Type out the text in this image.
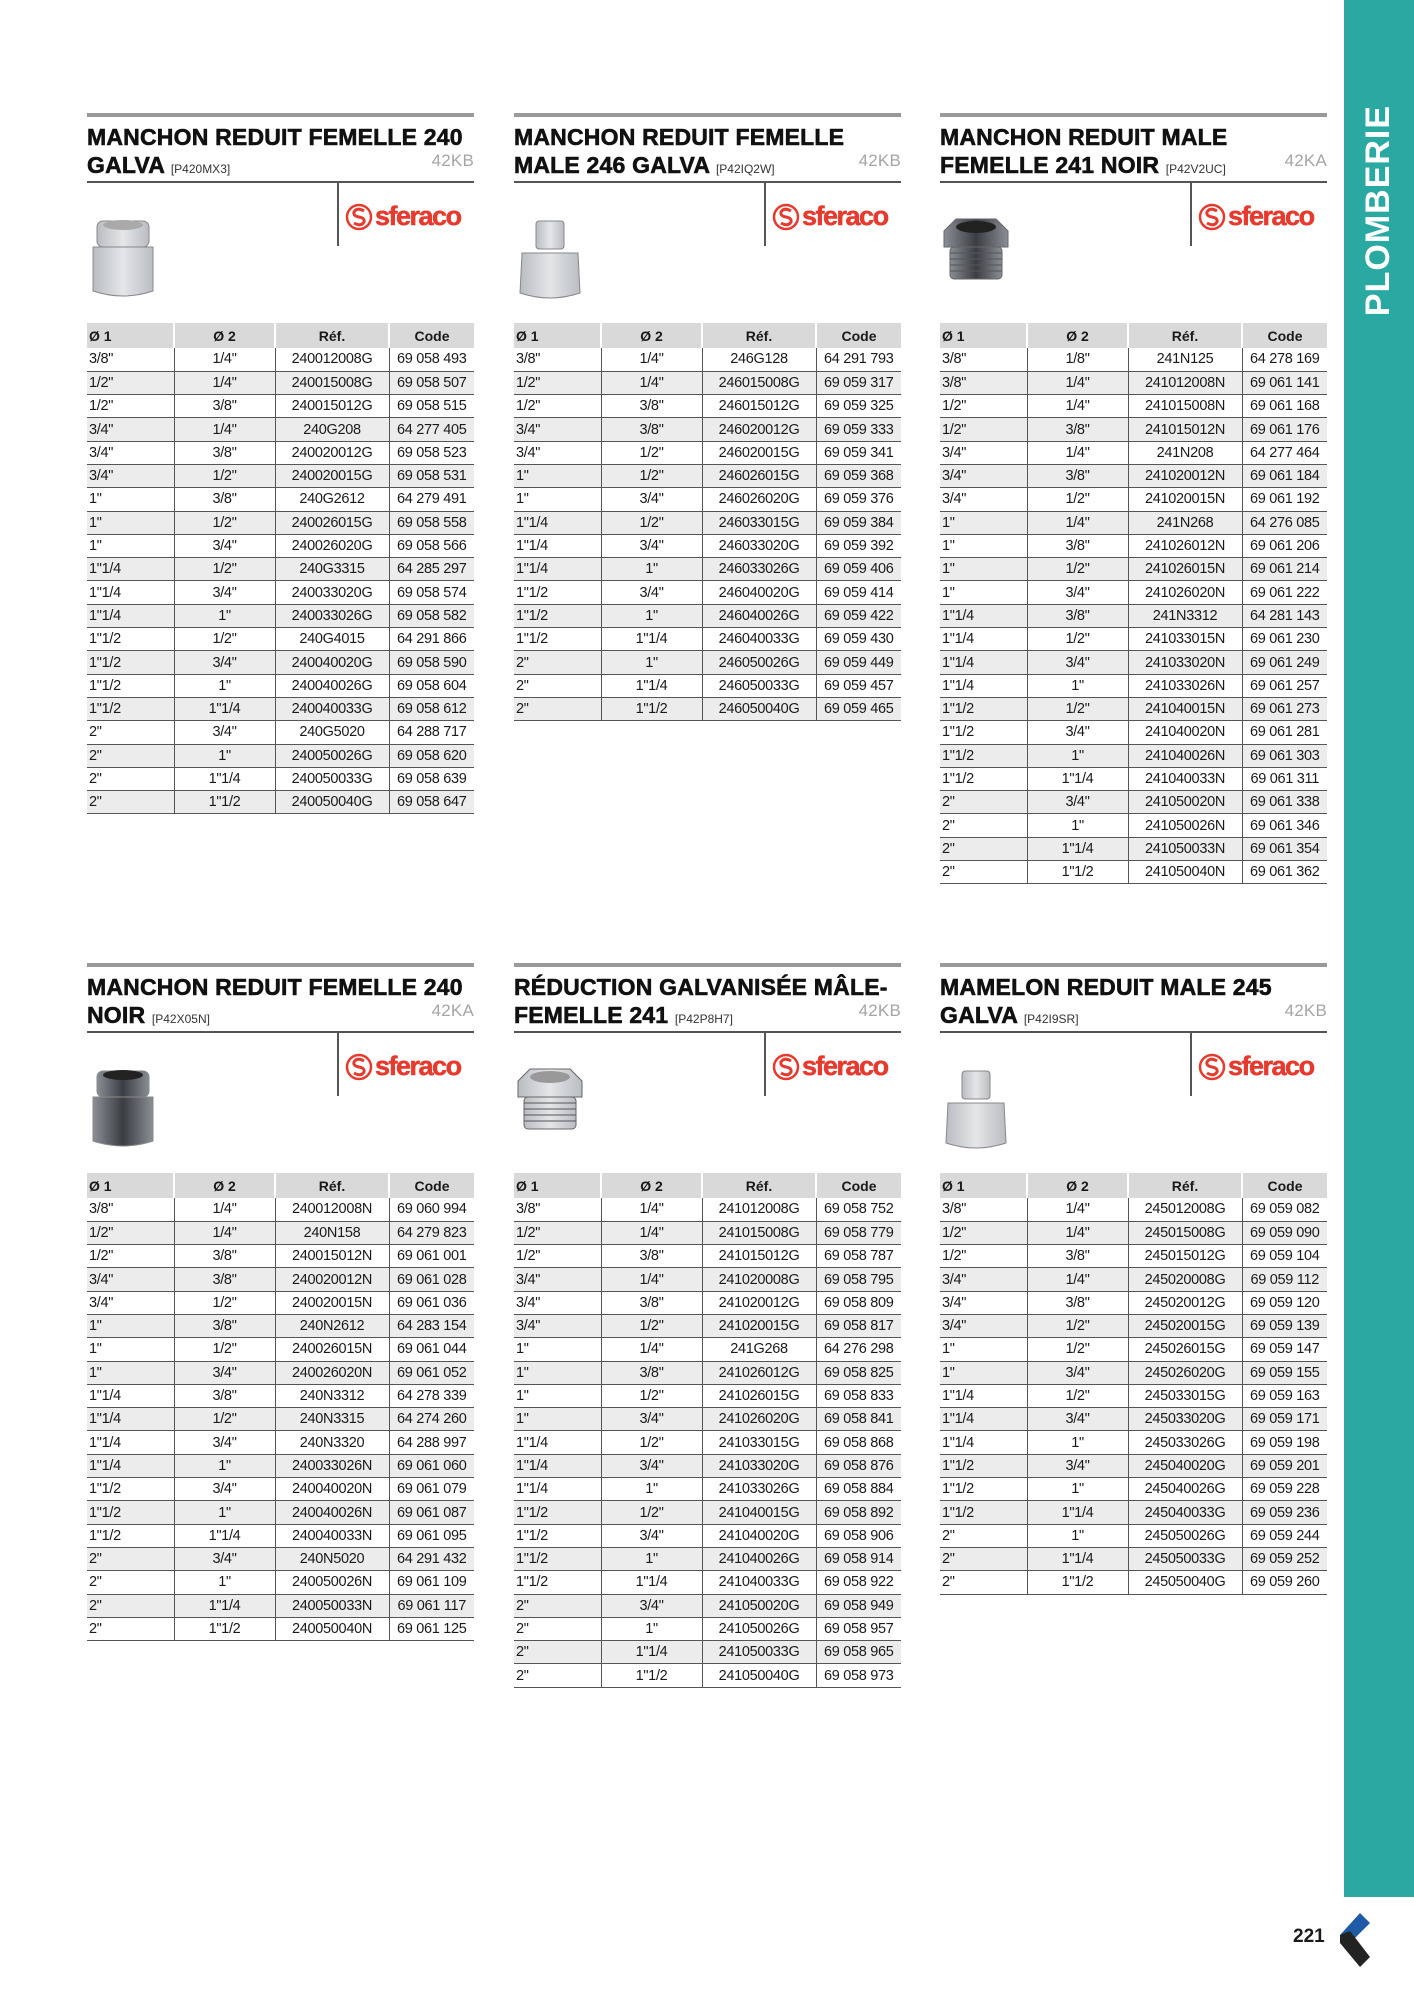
PLOMBERIE
MANCHON REDUIT FEMELLE 240 GALVA [P420MX3]	42KB
sferaco
Ø 1	Ø 2	Réf.	Code
3/8"	1/4"	240012008G	69 058 493
1/2"	1/4"	240015008G	69 058 507
1/2"	3/8"	240015012G	69 058 515
3/4"	1/4"	240G208	64 277 405
3/4"	3/8"	240020012G	69 058 523
3/4"	1/2"	240020015G	69 058 531
1"	3/8"	240G2612	64 279 491
1"	1/2"	240026015G	69 058 558
1"	3/4"	240026020G	69 058 566
1"1/4	1/2"	240G3315	64 285 297
1"1/4	3/4"	240033020G	69 058 574
1"1/4	1"	240033026G	69 058 582
1"1/2	1/2"	240G4015	64 291 866
1"1/2	3/4"	240040020G	69 058 590
1"1/2	1"	240040026G	69 058 604
1"1/2	1"1/4	240040033G	69 058 612
2"	3/4"	240G5020	64 288 717
2"	1"	240050026G	69 058 620
2"	1"1/4	240050033G	69 058 639
2"	1"1/2	240050040G	69 058 647
MANCHON REDUIT FEMELLE MALE 246 GALVA [P42IQ2W]	42KB
sferaco
Ø 1	Ø 2	Réf.	Code
3/8"	1/4"	246G128	64 291 793
1/2"	1/4"	246015008G	69 059 317
1/2"	3/8"	246015012G	69 059 325
3/4"	3/8"	246020012G	69 059 333
3/4"	1/2"	246020015G	69 059 341
1"	1/2"	246026015G	69 059 368
1"	3/4"	246026020G	69 059 376
1"1/4	1/2"	246033015G	69 059 384
1"1/4	3/4"	246033020G	69 059 392
1"1/4	1"	246033026G	69 059 406
1"1/2	3/4"	246040020G	69 059 414
1"1/2	1"	246040026G	69 059 422
1"1/2	1"1/4	246040033G	69 059 430
2"	1"	246050026G	69 059 449
2"	1"1/4	246050033G	69 059 457
2"	1"1/2	246050040G	69 059 465
MANCHON REDUIT MALE FEMELLE 241 NOIR [P42V2UC]	42KA
sferaco
Ø 1	Ø 2	Réf.	Code
3/8"	1/8"	241N125	64 278 169
3/8"	1/4"	241012008N	69 061 141
1/2"	1/4"	241015008N	69 061 168
1/2"	3/8"	241015012N	69 061 176
3/4"	1/4"	241N208	64 277 464
3/4"	3/8"	241020012N	69 061 184
3/4"	1/2"	241020015N	69 061 192
1"	1/4"	241N268	64 276 085
1"	3/8"	241026012N	69 061 206
1"	1/2"	241026015N	69 061 214
1"	3/4"	241026020N	69 061 222
1"1/4	3/8"	241N3312	64 281 143
1"1/4	1/2"	241033015N	69 061 230
1"1/4	3/4"	241033020N	69 061 249
1"1/4	1"	241033026N	69 061 257
1"1/2	1/2"	241040015N	69 061 273
1"1/2	3/4"	241040020N	69 061 281
1"1/2	1"	241040026N	69 061 303
1"1/2	1"1/4	241040033N	69 061 311
2"	3/4"	241050020N	69 061 338
2"	1"	241050026N	69 061 346
2"	1"1/4	241050033N	69 061 354
2"	1"1/2	241050040N	69 061 362
MANCHON REDUIT FEMELLE 240 NOIR [P42X05N]	42KA
sferaco
Ø 1	Ø 2	Réf.	Code
3/8"	1/4"	240012008N	69 060 994
1/2"	1/4"	240N158	64 279 823
1/2"	3/8"	240015012N	69 061 001
3/4"	3/8"	240020012N	69 061 028
3/4"	1/2"	240020015N	69 061 036
1"	3/8"	240N2612	64 283 154
1"	1/2"	240026015N	69 061 044
1"	3/4"	240026020N	69 061 052
1"1/4	3/8"	240N3312	64 278 339
1"1/4	1/2"	240N3315	64 274 260
1"1/4	3/4"	240N3320	64 288 997
1"1/4	1"	240033026N	69 061 060
1"1/2	3/4"	240040020N	69 061 079
1"1/2	1"	240040026N	69 061 087
1"1/2	1"1/4	240040033N	69 061 095
2"	3/4"	240N5020	64 291 432
2"	1"	240050026N	69 061 109
2"	1"1/4	240050033N	69 061 117
2"	1"1/2	240050040N	69 061 125
RÉDUCTION GALVANISÉE MÂLE-FEMELLE 241 [P42P8H7]	42KB
sferaco
Ø 1	Ø 2	Réf.	Code
3/8"	1/4"	241012008G	69 058 752
1/2"	1/4"	241015008G	69 058 779
1/2"	3/8"	241015012G	69 058 787
3/4"	1/4"	241020008G	69 058 795
3/4"	3/8"	241020012G	69 058 809
3/4"	1/2"	241020015G	69 058 817
1"	1/4"	241G268	64 276 298
1"	3/8"	241026012G	69 058 825
1"	1/2"	241026015G	69 058 833
1"	3/4"	241026020G	69 058 841
1"1/4	1/2"	241033015G	69 058 868
1"1/4	3/4"	241033020G	69 058 876
1"1/4	1"	241033026G	69 058 884
1"1/2	1/2"	241040015G	69 058 892
1"1/2	3/4"	241040020G	69 058 906
1"1/2	1"	241040026G	69 058 914
1"1/2	1"1/4	241040033G	69 058 922
2"	3/4"	241050020G	69 058 949
2"	1"	241050026G	69 058 957
2"	1"1/4	241050033G	69 058 965
2"	1"1/2	241050040G	69 058 973
MAMELON REDUIT MALE 245 GALVA [P42I9SR]	42KB
sferaco
Ø 1	Ø 2	Réf.	Code
3/8"	1/4"	245012008G	69 059 082
1/2"	1/4"	245015008G	69 059 090
1/2"	3/8"	245015012G	69 059 104
3/4"	1/4"	245020008G	69 059 112
3/4"	3/8"	245020012G	69 059 120
3/4"	1/2"	245020015G	69 059 139
1"	1/2"	245026015G	69 059 147
1"	3/4"	245026020G	69 059 155
1"1/4	1/2"	245033015G	69 059 163
1"1/4	3/4"	245033020G	69 059 171
1"1/4	1"	245033026G	69 059 198
1"1/2	3/4"	245040020G	69 059 201
1"1/2	1"	245040026G	69 059 228
1"1/2	1"1/4	245040033G	69 059 236
2"	1"	245050026G	69 059 244
2"	1"1/4	245050033G	69 059 252
2"	1"1/2	245050040G	69 059 260
221
